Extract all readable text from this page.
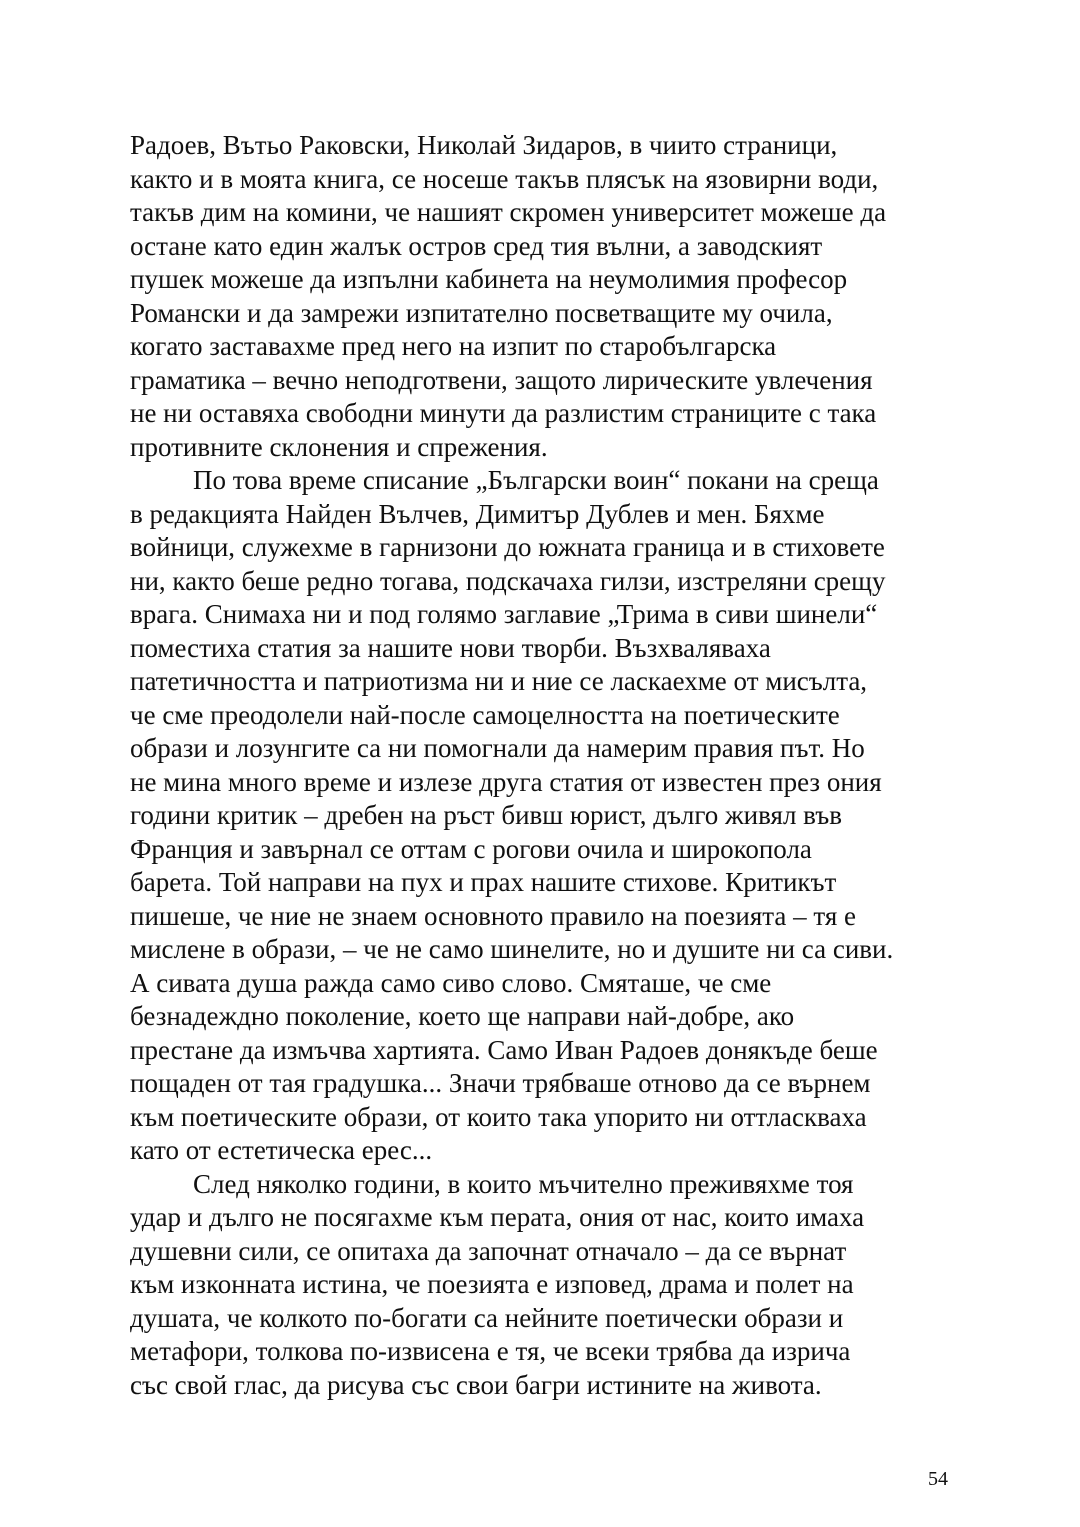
Радоев, Вътьо Раковски, Николай Зидаров, в чиито страници,
както и в моята книга, се носеше такъв плясък на язовирни води,
такъв дим на комини, че нашият скромен университет можеше да
остане като един жалък остров сред тия вълни, а заводският
пушек можеше да изпълни кабинета на неумолимия професор
Романски и да замрежи изпитателно посветващите му очила,
когато заставахме пред него на изпит по старобългарска
граматика – вечно неподготвени, защото лирическите увлечения
не ни оставяха свободни минути да разлистим страниците с така
противните склонения и спрежения.
По това време списание „Български воин“ покани на среща
в редакцията Найден Вълчев, Димитър Дублев и мен. Бяхме
войници, служехме в гарнизони до южната граница и в стиховете
ни, както беше редно тогава, подскачаха гилзи, изстреляни срещу
врага. Снимаха ни и под голямо заглавие „Трима в сиви шинели“
поместиха статия за нашите нови творби. Възхваляваха
патетичността и патриотизма ни и ние се ласкаехме от мисълта,
че сме преодолели най-после самоцелността на поетическите
образи и лозунгите са ни помогнали да намерим правия път. Но
не мина много време и излезе друга статия от известен през ония
години критик – дребен на ръст бивш юрист, дълго живял във
Франция и завърнал се оттам с рогови очила и широкопола
барета. Той направи на пух и прах нашите стихове. Критикът
пишеше, че ние не знаем основното правило на поезията – тя е
мислене в образи, – че не само шинелите, но и душите ни са сиви.
А сивата душа ражда само сиво слово. Смяташе, че сме
безнадеждно поколение, което ще направи най-добре, ако
престане да измъчва хартията. Само Иван Радоев донякъде беше
пощаден от тая градушка... Значи трябваше отново да се върнем
към поетическите образи, от които така упорито ни оттласкваха
като от естетическа ерес...
След няколко години, в които мъчително преживяхме тоя
удар и дълго не посягахме към перата, ония от нас, които имаха
душевни сили, се опитаха да започнат отначало – да се върнат
към изконната истина, че поезията е изповед, драма и полет на
душата, че колкото по-богати са нейните поетически образи и
метафори, толкова по-извисена е тя, че всеки трябва да изрича
със свой глас, да рисува със свои багри истините на живота.
54
